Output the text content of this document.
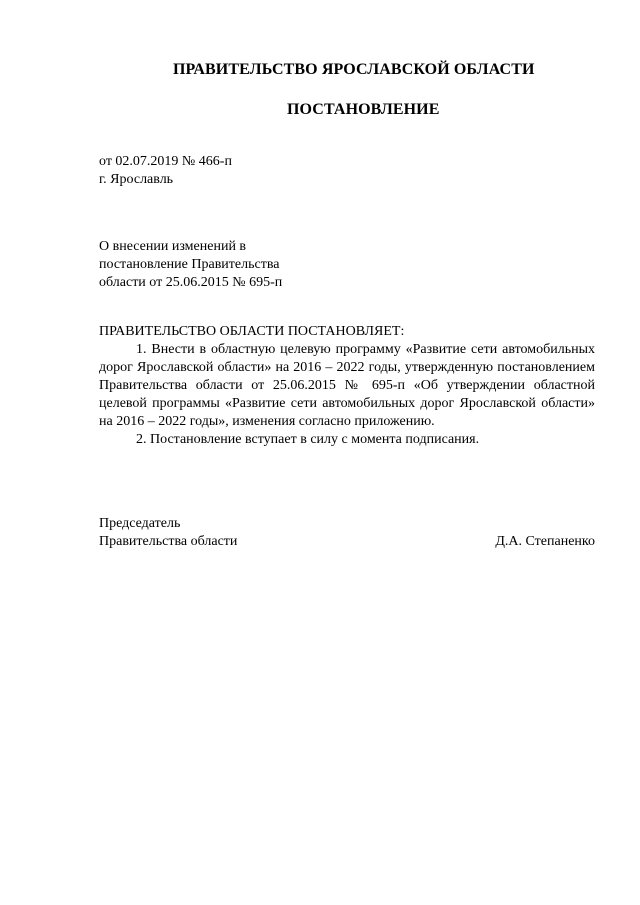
ПРАВИТЕЛЬСТВО ЯРОСЛАВСКОЙ ОБЛАСТИ
ПОСТАНОВЛЕНИЕ
от 02.07.2019 № 466-п
г. Ярославль
О внесении изменений в
постановление Правительства
области от 25.06.2015 № 695-п
ПРАВИТЕЛЬСТВО ОБЛАСТИ ПОСТАНОВЛЯЕТ:

1. Внести в областную целевую программу «Развитие сети автомобильных дорог Ярославской области» на 2016 – 2022 годы, утвержденную постановлением Правительства области от 25.06.2015 № 695-п «Об утверждении областной целевой программы «Развитие сети автомобильных дорог Ярославской области» на 2016 – 2022 годы», изменения согласно приложению.

2. Постановление вступает в силу с момента подписания.

Председатель
Правительства области	Д.А. Степаненко
